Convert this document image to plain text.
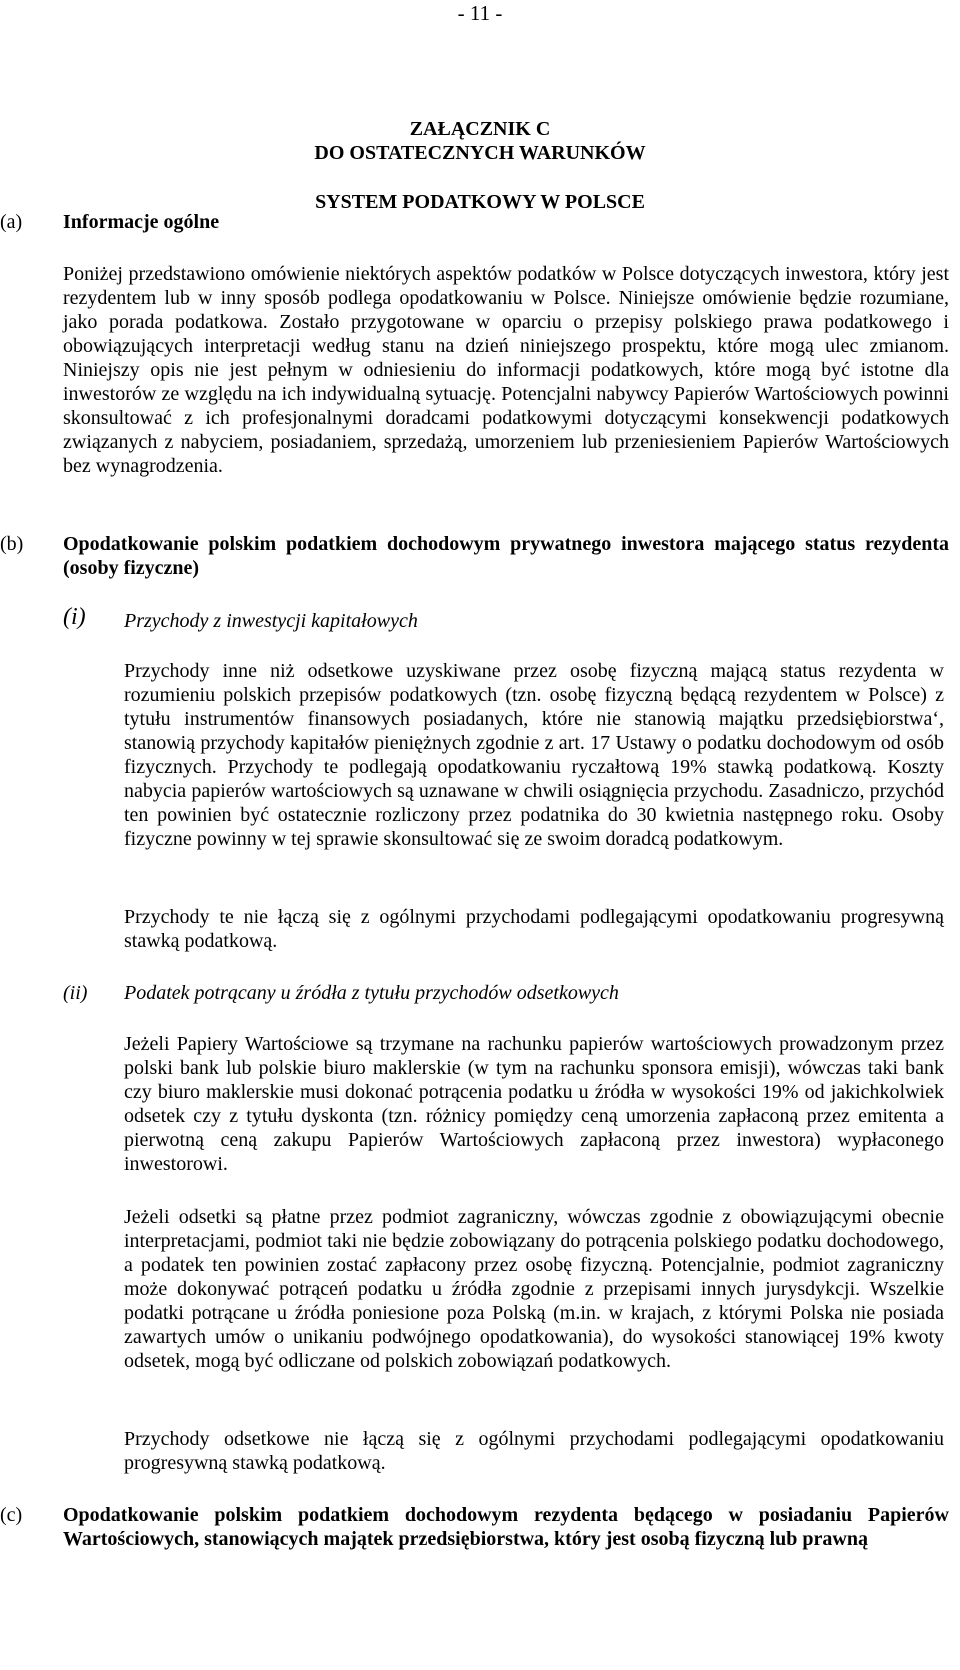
- 11 -
ZAŁĄCZNIK C
DO OSTATECZNYCH WARUNKÓW
SYSTEM PODATKOWY W POLSCE
(a) Informacje ogólne
Poniżej przedstawiono omówienie niektórych aspektów podatków w Polsce dotyczących inwestora, który jest rezydentem lub w inny sposób podlega opodatkowaniu w Polsce. Niniejsze omówienie będzie rozumiane, jako porada podatkowa. Zostało przygotowane w oparciu o przepisy polskiego prawa podatkowego i obowiązujących interpretacji według stanu na dzień niniejszego prospektu, które mogą ulec zmianom. Niniejszy opis nie jest pełnym w odniesieniu do informacji podatkowych, które mogą być istotne dla inwestorów ze względu na ich indywidualną sytuację. Potencjalni nabywcy Papierów Wartościowych powinni skonsultować z ich profesjonalnymi doradcami podatkowymi dotyczącymi konsekwencji podatkowych związanych z nabyciem, posiadaniem, sprzedażą, umorzeniem lub przeniesieniem Papierów Wartościowych bez wynagrodzenia.
(b) Opodatkowanie polskim podatkiem dochodowym prywatnego inwestora mającego status rezydenta (osoby fizyczne)
(i) Przychody z inwestycji kapitałowych
Przychody inne niż odsetkowe uzyskiwane przez osobę fizyczną mającą status rezydenta w rozumieniu polskich przepisów podatkowych (tzn. osobę fizyczną będącą rezydentem w Polsce) z tytułu instrumentów finansowych posiadanych, które nie stanowią majątku przedsiębiorstwa‘, stanowią przychody kapitałów pieniężnych zgodnie z art. 17 Ustawy o podatku dochodowym od osób fizycznych. Przychody te podlegają opodatkowaniu ryczałtową 19% stawką podatkową. Koszty nabycia papierów wartościowych są uznawane w chwili osiągnięcia przychodu. Zasadniczo, przychód ten powinien być ostatecznie rozliczony przez podatnika do 30 kwietnia następnego roku. Osoby fizyczne powinny w tej sprawie skonsultować się ze swoim doradcą podatkowym.
Przychody te nie łączą się z ogólnymi przychodami podlegającymi opodatkowaniu progresywną stawką podatkową.
(ii) Podatek potrącany u źródła z tytułu przychodów odsetkowych
Jeżeli Papiery Wartościowe są trzymane na rachunku papierów wartościowych prowadzonym przez polski bank lub polskie biuro maklerskie (w tym na rachunku sponsora emisji), wówczas taki bank czy biuro maklerskie musi dokonać potrącenia podatku u źródła w wysokości 19% od jakichkolwiek odsetek czy z tytułu dyskonta (tzn. różnicy pomiędzy ceną umorzenia zapłaconą przez emitenta a pierwotną ceną zakupu Papierów Wartościowych zapłaconą przez inwestora) wypłaconego inwestorowi.
Jeżeli odsetki są płatne przez podmiot zagraniczny, wówczas zgodnie z obowiązującymi obecnie interpretacjami, podmiot taki nie będzie zobowiązany do potrącenia polskiego podatku dochodowego, a podatek ten powinien zostać zapłacony przez osobę fizyczną. Potencjalnie, podmiot zagraniczny może dokonywać potrąceń podatku u źródła zgodnie z przepisami innych jurysdykcji. Wszelkie podatki potrącane u źródła poniesione poza Polską (m.in. w krajach, z którymi Polska nie posiada zawartych umów o unikaniu podwójnego opodatkowania), do wysokości stanowiącej 19% kwoty odsetek, mogą być odliczane od polskich zobowiązań podatkowych.
Przychody odsetkowe nie łączą się z ogólnymi przychodami podlegającymi opodatkowaniu progresywną stawką podatkową.
(c) Opodatkowanie polskim podatkiem dochodowym rezydenta będącego w posiadaniu Papierów Wartościowych, stanowiących majątek przedsiębiorstwa, który jest osobą fizyczną lub prawną
